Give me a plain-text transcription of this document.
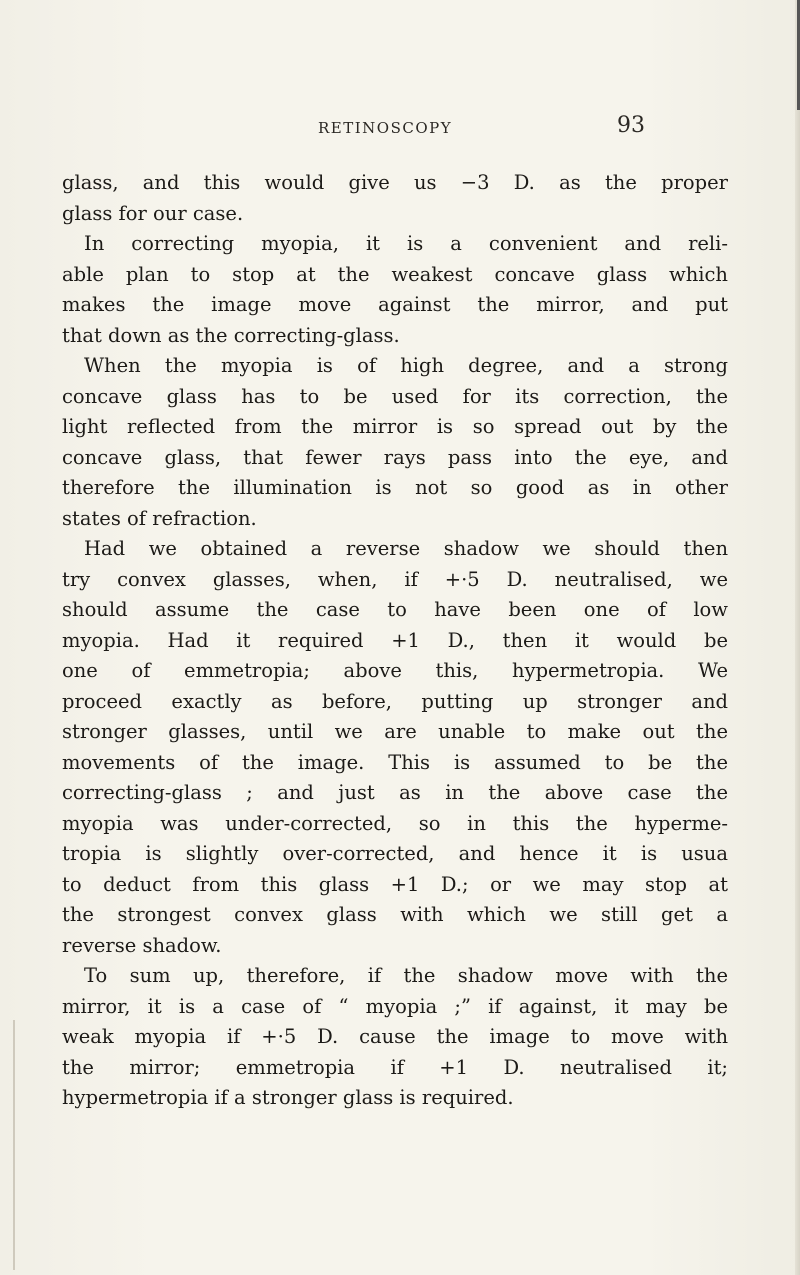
RETINOSCOPY	93
glass, and this would give us −3 D. as the proper
glass for our case.
In correcting myopia, it is a convenient and reli-
able plan to stop at the weakest concave glass which
makes the image move against the mirror, and put
that down as the correcting-glass.
When the myopia is of high degree, and a strong
concave glass has to be used for its correction, the
light reflected from the mirror is so spread out by the
concave glass, that fewer rays pass into the eye, and
therefore the illumination is not so good as in other
states of refraction.
Had we obtained a reverse shadow we should then
try convex glasses, when, if +·5 D. neutralised, we
should assume the case to have been one of low
myopia. Had it required +1 D., then it would be
one of emmetropia; above this, hypermetropia. We
proceed exactly as before, putting up stronger and
stronger glasses, until we are unable to make out the
movements of the image. This is assumed to be the
correcting-glass ; and just as in the above case the
myopia was under-corrected, so in this the hyperme-
tropia is slightly over-corrected, and hence it is usua
to deduct from this glass +1 D.; or we may stop at
the strongest convex glass with which we still get a
reverse shadow.
To sum up, therefore, if the shadow move with the
mirror, it is a case of “ myopia ;” if against, it may be
weak myopia if +·5 D. cause the image to move with
the mirror; emmetropia if +1 D. neutralised it;
hypermetropia if a stronger glass is required.
